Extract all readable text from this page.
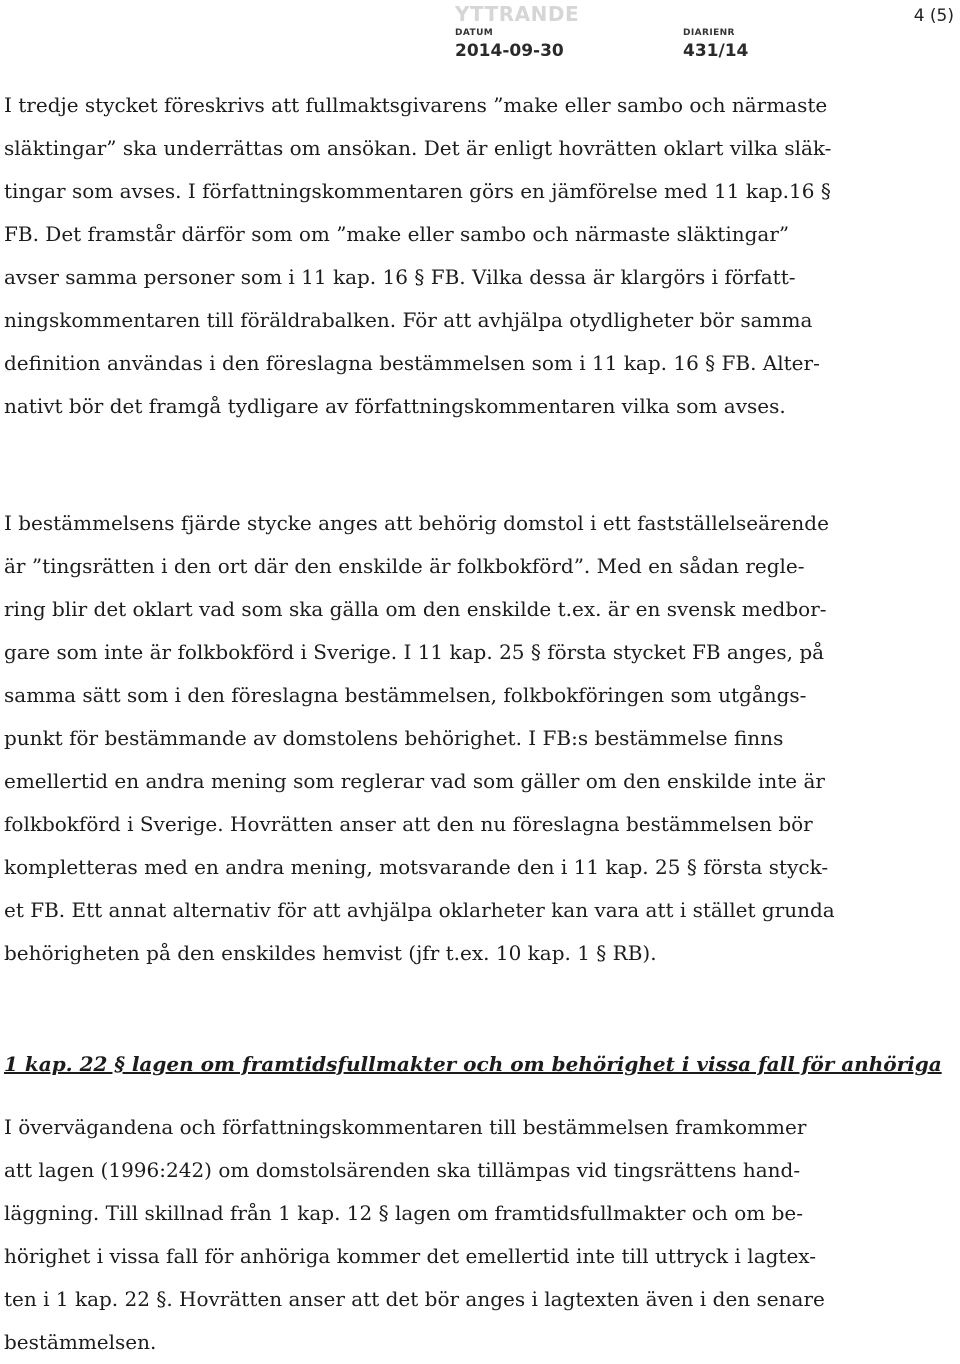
YTTRANDE	4 (5)
DATUM
2014-09-30
DIARIENR
431/14

I tredje stycket föreskrivs att fullmaktsgivarens ”make eller sambo och närmaste
släktingar” ska underrättas om ansökan. Det är enligt hovrätten oklart vilka släk-
tingar som avses. I författningskommentaren görs en jämförelse med 11 kap.16 §
FB. Det framstår därför som om ”make eller sambo och närmaste släktingar”
avser samma personer som i 11 kap. 16 § FB. Vilka dessa är klargörs i författ-
ningskommentaren till föräldrabalken. För att avhjälpa otydligheter bör samma
definition användas i den föreslagna bestämmelsen som i 11 kap. 16 § FB. Alter-
nativt bör det framgå tydligare av författningskommentaren vilka som avses.

I bestämmelsens fjärde stycke anges att behörig domstol i ett fastställelseärende
är ”tingsrätten i den ort där den enskilde är folkbokförd”. Med en sådan regle-
ring blir det oklart vad som ska gälla om den enskilde t.ex. är en svensk medbor-
gare som inte är folkbokförd i Sverige. I 11 kap. 25 § första stycket FB anges, på
samma sätt som i den föreslagna bestämmelsen, folkbokföringen som utgångs-
punkt för bestämmande av domstolens behörighet. I FB:s bestämmelse finns
emellertid en andra mening som reglerar vad som gäller om den enskilde inte är
folkbokförd i Sverige. Hovrätten anser att den nu föreslagna bestämmelsen bör
kompletteras med en andra mening, motsvarande den i 11 kap. 25 § första styck-
et FB. Ett annat alternativ för att avhjälpa oklarheter kan vara att i stället grunda
behörigheten på den enskildes hemvist (jfr t.ex. 10 kap. 1 § RB).

1 kap. 22 § lagen om framtidsfullmakter och om behörighet i vissa fall för anhöriga

I övervägandena och författningskommentaren till bestämmelsen framkommer
att lagen (1996:242) om domstolsärenden ska tillämpas vid tingsrättens hand-
läggning. Till skillnad från 1 kap. 12 § lagen om framtidsfullmakter och om be-
hörighet i vissa fall för anhöriga kommer det emellertid inte till uttryck i lagtex-
ten i 1 kap. 22 §. Hovrätten anser att det bör anges i lagtexten även i den senare
bestämmelsen.
